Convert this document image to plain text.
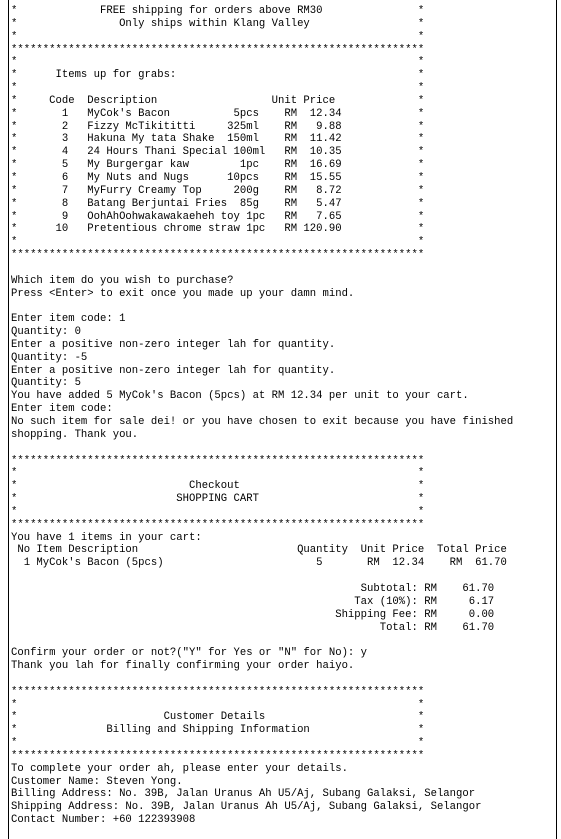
*             FREE shipping for orders above RM30               *
*                Only ships within Klang Valley                 *
*                                                               *
*****************************************************************
*                                                               *
*      Items up for grabs:                                      *
*                                                               *
*     Code  Description                  Unit Price             *
*       1   MyCok's Bacon          5pcs    RM  12.34            *
*       2   Fizzy McTikititti     325ml    RM   9.88            *
*       3   Hakuna My tata Shake  150ml    RM  11.42            *
*       4   24 Hours Thani Special 100ml   RM  10.35            *
*       5   My Burgergar kaw        1pc    RM  16.69            *
*       6   My Nuts and Nugs      10pcs    RM  15.55            *
*       7   MyFurry Creamy Top     200g    RM   8.72            *
*       8   Batang Berjuntai Fries  85g    RM   5.47            *
*       9   OohAhOohwakawakaeheh toy 1pc   RM   7.65            *
*      10   Pretentious chrome straw 1pc   RM 120.90            *
*                                                               *
*****************************************************************

Which item do you wish to purchase?
Press <Enter> to exit once you made up your damn mind.

Enter item code: 1
Quantity: 0
Enter a positive non-zero integer lah for quantity.
Quantity: -5
Enter a positive non-zero integer lah for quantity.
Quantity: 5
You have added 5 MyCok's Bacon (5pcs) at RM 12.34 per unit to your cart.
Enter item code:
No such item for sale dei! or you have chosen to exit because you have finished
shopping. Thank you.

*****************************************************************
*                                                               *
*                           Checkout                            *
*                         SHOPPING CART                         *
*                                                               *
*****************************************************************
You have 1 items in your cart:
No Item Description                         Quantity  Unit Price  Total Price
1 MyCok's Bacon (5pcs)                        5       RM  12.34    RM  61.70

Subtotal: RM    61.70
Tax (10%): RM     6.17
Shipping Fee: RM     0.00
Total: RM    61.70

Confirm your order or not?("Y" for Yes or "N" for No): y
Thank you lah for finally confirming your order haiyo.

*****************************************************************
*                                                               *
*                       Customer Details                        *
*              Billing and Shipping Information                 *
*                                                               *
*****************************************************************
To complete your order ah, please enter your details.
Customer Name: Steven Yong.
Billing Address: No. 39B, Jalan Uranus Ah U5/Aj, Subang Galaksi, Selangor
Shipping Address: No. 39B, Jalan Uranus Ah U5/Aj, Subang Galaksi, Selangor
Contact Number: +60 122393908
